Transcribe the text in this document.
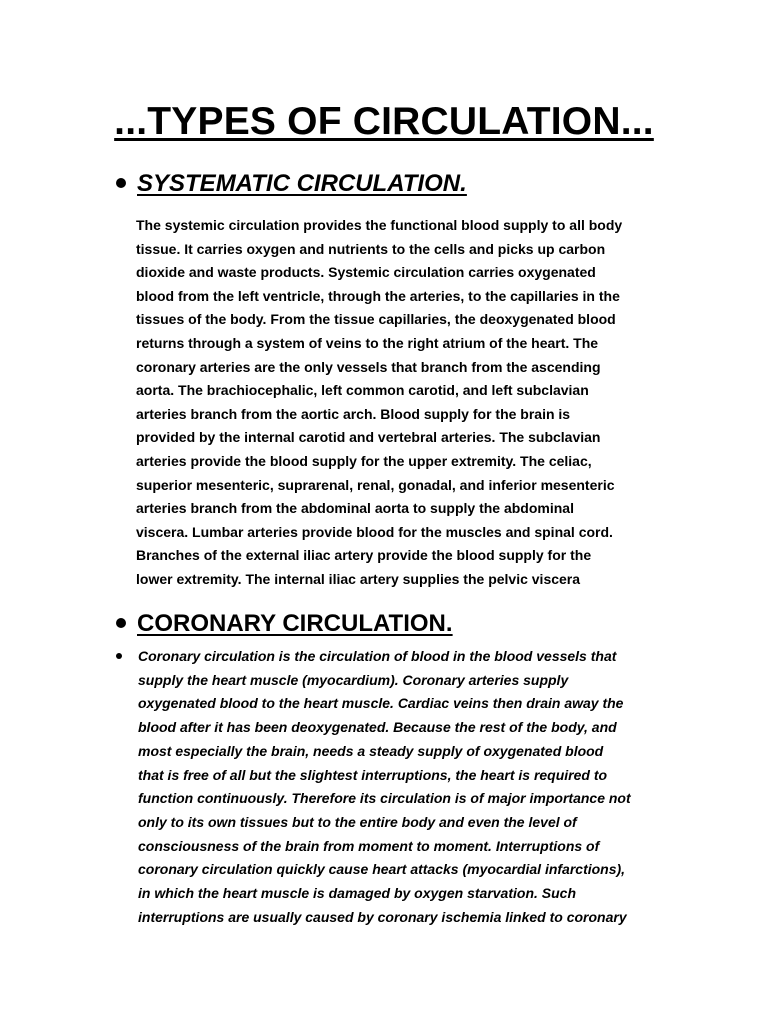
...TYPES OF CIRCULATION...
SYSTEMATIC CIRCULATION.
The systemic circulation provides the functional blood supply to all body
tissue. It carries oxygen and nutrients to the cells and picks up carbon
dioxide and waste products. Systemic circulation carries oxygenated
blood from the left ventricle, through the arteries, to the capillaries in the
tissues of the body. From the tissue capillaries, the deoxygenated blood
returns through a system of veins to the right atrium of the heart. The
coronary arteries are the only vessels that branch from the ascending
aorta. The brachiocephalic, left common carotid, and left subclavian
arteries branch from the aortic arch. Blood supply for the brain is
provided by the internal carotid and vertebral arteries. The subclavian
arteries provide the blood supply for the upper extremity. The celiac,
superior mesenteric, suprarenal, renal, gonadal, and inferior mesenteric
arteries branch from the abdominal aorta to supply the abdominal
viscera. Lumbar arteries provide blood for the muscles and spinal cord.
Branches of the external iliac artery provide the blood supply for the
lower extremity. The internal iliac artery supplies the pelvic viscera
CORONARY CIRCULATION.
Coronary circulation is the circulation of blood in the blood vessels that
supply the heart muscle (myocardium). Coronary arteries supply
oxygenated blood to the heart muscle. Cardiac veins then drain away the
blood after it has been deoxygenated. Because the rest of the body, and
most especially the brain, needs a steady supply of oxygenated blood
that is free of all but the slightest interruptions, the heart is required to
function continuously. Therefore its circulation is of major importance not
only to its own tissues but to the entire body and even the level of
consciousness of the brain from moment to moment. Interruptions of
coronary circulation quickly cause heart attacks (myocardial infarctions),
in which the heart muscle is damaged by oxygen starvation. Such
interruptions are usually caused by coronary ischemia linked to coronary
